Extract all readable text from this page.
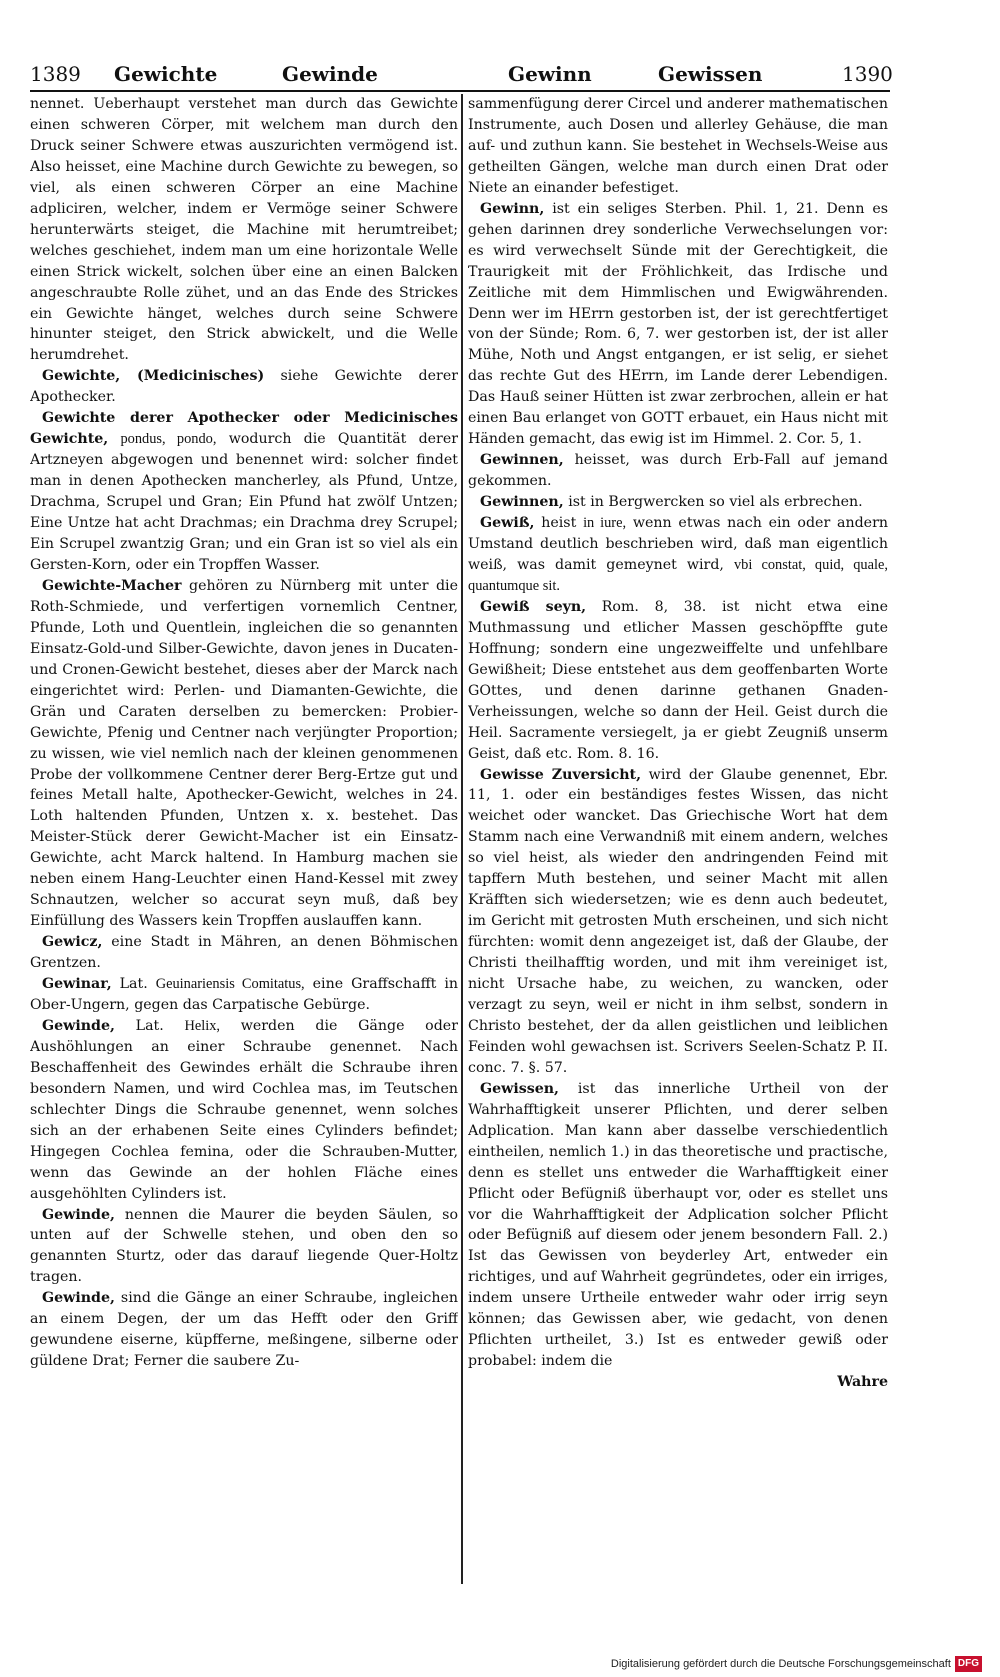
1389 Gewichte	Gewinde	Gewinn	Gewissen	1390

nennet. Ueberhaupt verstehet man durch das Gewichte einen schweren Cörper, mit welchem man durch den Druck seiner Schwere etwas auszurichten vermögend ist. Also heisset, eine Machine durch Gewichte zu bewegen, so viel, als einen schweren Cörper an eine Machine adpliciren, welcher, indem er Vermöge seiner Schwere herunterwärts steiget, die Machine mit herumtreibet; welches geschiehet, indem man um eine horizontale Welle einen Strick wickelt, solchen über eine an einen Balcken angeschraubte Rolle zühet, und an das Ende des Strickes ein Gewichte hänget, welches durch seine Schwere hinunter steiget, den Strick abwickelt, und die Welle herumdrehet.

Gewichte, (Medicinisches) siehe Gewichte derer Apothecker.

Gewichte derer Apothecker oder Medicinisches Gewichte, pondus, pondo, wodurch die Quantität derer Artzneyen abgewogen und benennet wird: solcher findet man in denen Apothecken mancherley, als Pfund, Untze, Drachma, Scrupel und Gran; Ein Pfund hat zwölf Untzen; Eine Untze hat acht Drachmas; ein Drachma drey Scrupel; Ein Scrupel zwantzig Gran; und ein Gran ist so viel als ein Gersten-Korn, oder ein Tropffen Wasser.

Gewichte-Macher gehören zu Nürnberg mit unter die Roth-Schmiede, und verfertigen vornemlich Centner, Pfunde, Loth und Quentlein, ingleichen die so genannten Einsatz-Gold-und Silber-Gewichte, davon jenes in Ducaten- und Cronen-Gewicht bestehet, dieses aber der Marck nach eingerichtet wird: Perlen- und Diamanten-Gewichte, die Grän und Caraten derselben zu bemercken: Probier-Gewichte, Pfenig und Centner nach verjüngter Proportion; zu wissen, wie viel nemlich nach der kleinen genommenen Probe der vollkommene Centner derer Berg-Ertze gut und feines Metall halte, Apothecker-Gewicht, welches in 24. Loth haltenden Pfunden, Untzen x. x. bestehet. Das Meister-Stück derer Gewicht-Macher ist ein Einsatz-Gewichte, acht Marck haltend. In Hamburg machen sie neben einem Hang-Leuchter einen Hand-Kessel mit zwey Schnautzen, welcher so accurat seyn muß, daß bey Einfüllung des Wassers kein Tropffen auslauffen kann.

Gewicz, eine Stadt in Mähren, an denen Böhmischen Grentzen.

Gewinar, Lat. Geuinariensis Comitatus, eine Graffschafft in Ober-Ungern, gegen das Carpatische Gebürge.

Gewinde, Lat. Helix, werden die Gänge oder Aushöhlungen an einer Schraube genennet. Nach Beschaffenheit des Gewindes erhält die Schraube ihren besondern Namen, und wird Cochlea mas, im Teutschen schlechter Dings die Schraube genennet, wenn solches sich an der erhabenen Seite eines Cylinders befindet; Hingegen Cochlea femina, oder die Schrauben-Mutter, wenn das Gewinde an der hohlen Fläche eines ausgehöhlten Cylinders ist.

Gewinde, nennen die Maurer die beyden Säulen, so unten auf der Schwelle stehen, und oben den so genannten Sturtz, oder das darauf liegende Quer-Holtz tragen.

Gewinde, sind die Gänge an einer Schraube, ingleichen an einem Degen, der um das Hefft oder den Griff gewundene eiserne, küpfferne, meßingene, silberne oder güldene Drat; Ferner die saubere Zu-

sammenfügung derer Circel und anderer mathematischen Instrumente, auch Dosen und allerley Gehäuse, die man auf- und zuthun kann. Sie bestehet in Wechsels-Weise aus getheilten Gängen, welche man durch einen Drat oder Niete an einander befestiget.

Gewinn, ist ein seliges Sterben. Phil. 1, 21. Denn es gehen darinnen drey sonderliche Verwechselungen vor: es wird verwechselt Sünde mit der Gerechtigkeit, die Traurigkeit mit der Fröhlichkeit, das Irdische und Zeitliche mit dem Himmlischen und Ewigwährenden. Denn wer im HErrn gestorben ist, der ist gerechtfertiget von der Sünde; Rom. 6, 7. wer gestorben ist, der ist aller Mühe, Noth und Angst entgangen, er ist selig, er siehet das rechte Gut des HErrn, im Lande derer Lebendigen. Das Hauß seiner Hütten ist zwar zerbrochen, allein er hat einen Bau erlanget von GOTT erbauet, ein Haus nicht mit Händen gemacht, das ewig ist im Himmel. 2. Cor. 5, 1.

Gewinnen, heisset, was durch Erb-Fall auf jemand gekommen.

Gewinnen, ist in Bergwercken so viel als erbrechen.

Gewiß, heist in iure, wenn etwas nach ein oder andern Umstand deutlich beschrieben wird, daß man eigentlich weiß, was damit gemeynet wird, vbi constat, quid, quale, quantumque sit.

Gewiß seyn, Rom. 8, 38. ist nicht etwa eine Muthmassung und etlicher Massen geschöpffte gute Hoffnung; sondern eine ungezweiffelte und unfehlbare Gewißheit; Diese entstehet aus dem geoffenbarten Worte GOttes, und denen darinne gethanen Gnaden-Verheissungen, welche so dann der Heil. Geist durch die Heil. Sacramente versiegelt, ja er giebt Zeugniß unserm Geist, daß etc. Rom. 8. 16.

Gewisse Zuversicht, wird der Glaube genennet, Ebr. 11, 1. oder ein beständiges festes Wissen, das nicht weichet oder wancket. Das Griechische Wort hat dem Stamm nach eine Verwandniß mit einem andern, welches so viel heist, als wieder den andringenden Feind mit tapffern Muth bestehen, und seiner Macht mit allen Kräfften sich wiedersetzen; wie es denn auch bedeutet, im Gericht mit getrosten Muth erscheinen, und sich nicht fürchten: womit denn angezeiget ist, daß der Glaube, der Christi theilhafftig worden, und mit ihm vereiniget ist, nicht Ursache habe, zu weichen, zu wancken, oder verzagt zu seyn, weil er nicht in ihm selbst, sondern in Christo bestehet, der da allen geistlichen und leiblichen Feinden wohl gewachsen ist. Scrivers Seelen-Schatz P. II. conc. 7. §. 57.

Gewissen, ist das innerliche Urtheil von der Wahrhafftigkeit unserer Pflichten, und derer selben Adplication. Man kann aber dasselbe verschiedentlich eintheilen, nemlich 1.) in das theoretische und practische, denn es stellet uns entweder die Warhafftigkeit einer Pflicht oder Befügniß überhaupt vor, oder es stellet uns vor die Wahrhafftigkeit der Adplication solcher Pflicht oder Befügniß auf diesem oder jenem besondern Fall. 2.) Ist das Gewissen von beyderley Art, entweder ein richtiges, und auf Wahrheit gegründetes, oder ein irriges, indem unsere Urtheile entweder wahr oder irrig seyn können; das Gewissen aber, wie gedacht, von denen Pflichten urtheilet, 3.) Ist es entweder gewiß oder probabel: indem die

Wahre

Digitalisierung gefördert durch die Deutsche Forschungsgemeinschaft DFG
